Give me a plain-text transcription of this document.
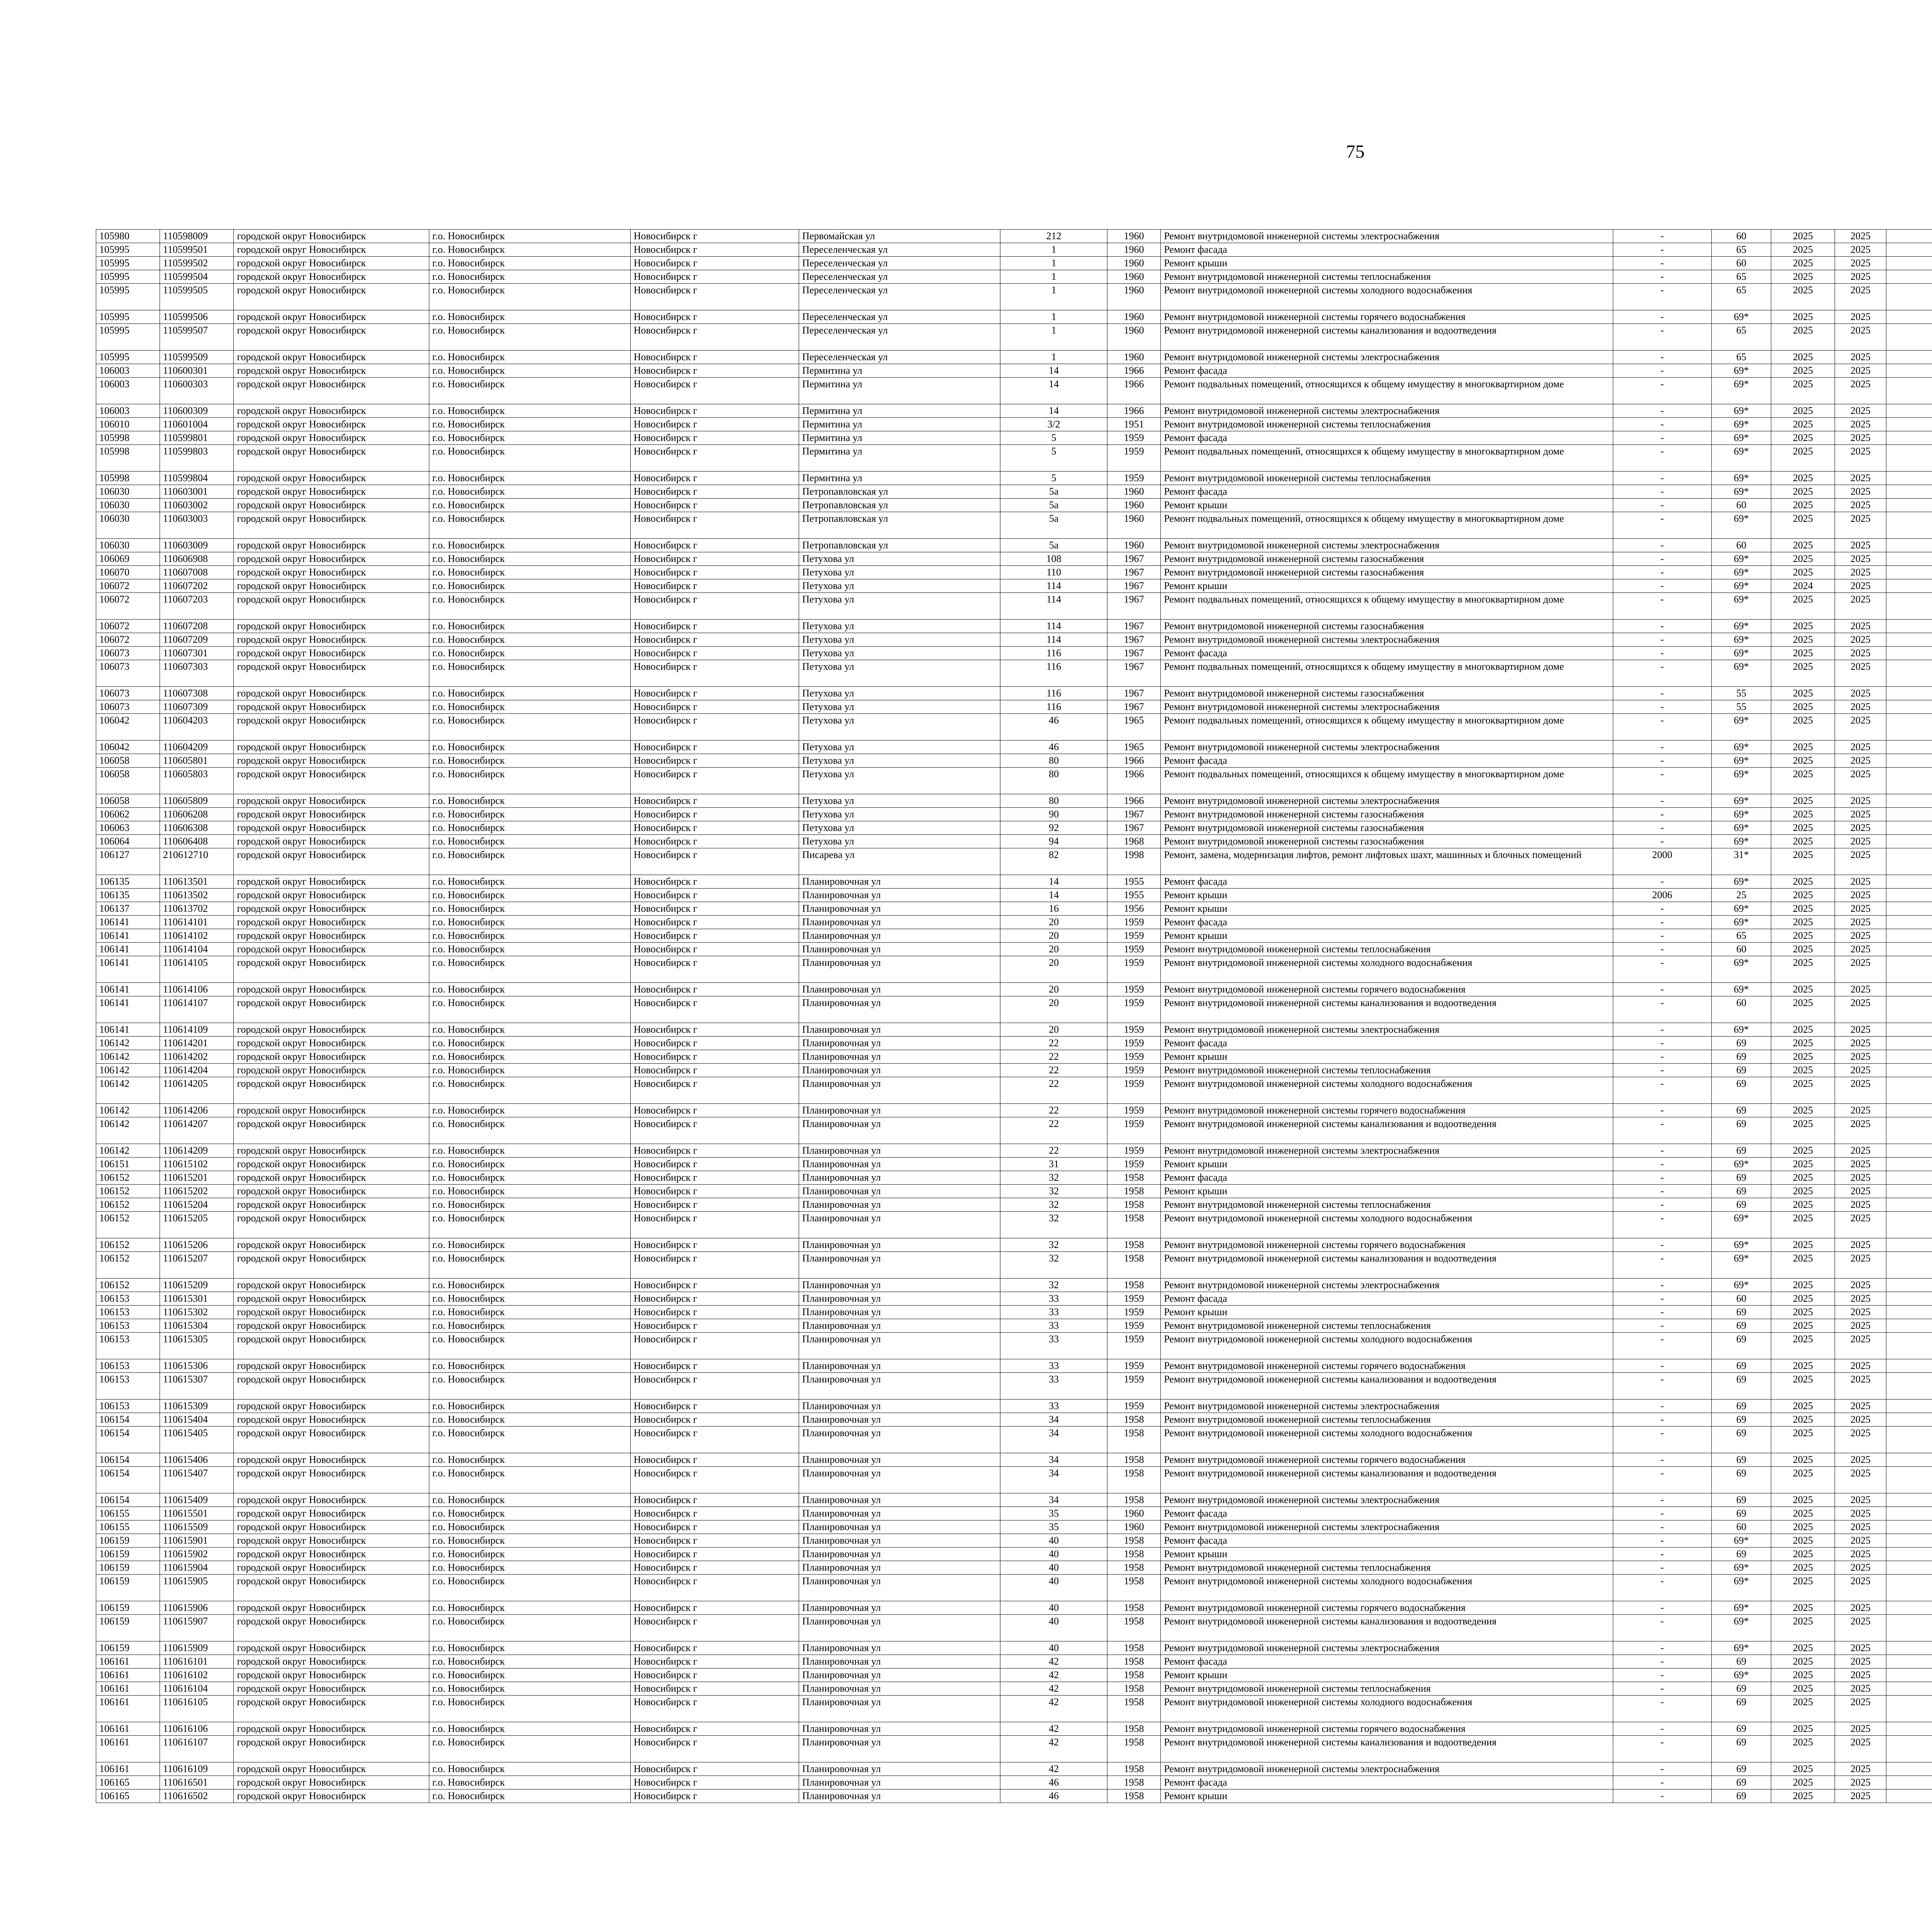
75
105980	110598009	городской округ Новосибирск	г.о. Новосибирск	Новосибирск г	Первомайская ул	212	1960	Ремонт внутридомовой инженерной системы электроснабжения	-	60	2025	2025							
105995	110599501	городской округ Новосибирск	г.о. Новосибирск	Новосибирск г	Переселенческая ул	1	1960	Ремонт фасада	-	65	2025	2025							
105995	110599502	городской округ Новосибирск	г.о. Новосибирск	Новосибирск г	Переселенческая ул	1	1960	Ремонт крыши	-	60	2025	2025							
105995	110599504	городской округ Новосибирск	г.о. Новосибирск	Новосибирск г	Переселенческая ул	1	1960	Ремонт внутридомовой инженерной системы теплоснабжения	-	65	2025	2025							
105995	110599505	городской округ Новосибирск	г.о. Новосибирск	Новосибирск г	Переселенческая ул	1	1960	Ремонт внутридомовой инженерной системы холодного водоснабжения	-	65	2025	2025							
105995	110599506	городской округ Новосибирск	г.о. Новосибирск	Новосибирск г	Переселенческая ул	1	1960	Ремонт внутридомовой инженерной системы горячего водоснабжения	-	69*	2025	2025							
105995	110599507	городской округ Новосибирск	г.о. Новосибирск	Новосибирск г	Переселенческая ул	1	1960	Ремонт внутридомовой инженерной системы канализования и водоотведения	-	65	2025	2025							
105995	110599509	городской округ Новосибирск	г.о. Новосибирск	Новосибирск г	Переселенческая ул	1	1960	Ремонт внутридомовой инженерной системы электроснабжения	-	65	2025	2025							
106003	110600301	городской округ Новосибирск	г.о. Новосибирск	Новосибирск г	Пермитина ул	14	1966	Ремонт фасада	-	69*	2025	2025							
106003	110600303	городской округ Новосибирск	г.о. Новосибирск	Новосибирск г	Пермитина ул	14	1966	Ремонт подвальных помещений, относящихся к общему имуществу в многоквартирном доме	-	69*	2025	2025							
106003	110600309	городской округ Новосибирск	г.о. Новосибирск	Новосибирск г	Пермитина ул	14	1966	Ремонт внутридомовой инженерной системы электроснабжения	-	69*	2025	2025							
106010	110601004	городской округ Новосибирск	г.о. Новосибирск	Новосибирск г	Пермитина ул	3/2	1951	Ремонт внутридомовой инженерной системы теплоснабжения	-	69*	2025	2025							
105998	110599801	городской округ Новосибирск	г.о. Новосибирск	Новосибирск г	Пермитина ул	5	1959	Ремонт фасада	-	69*	2025	2025							
105998	110599803	городской округ Новосибирск	г.о. Новосибирск	Новосибирск г	Пермитина ул	5	1959	Ремонт подвальных помещений, относящихся к общему имуществу в многоквартирном доме	-	69*	2025	2025							
105998	110599804	городской округ Новосибирск	г.о. Новосибирск	Новосибирск г	Пермитина ул	5	1959	Ремонт внутридомовой инженерной системы теплоснабжения	-	69*	2025	2025							
106030	110603001	городской округ Новосибирск	г.о. Новосибирск	Новосибирск г	Петропавловская ул	5а	1960	Ремонт фасада	-	69*	2025	2025							
106030	110603002	городской округ Новосибирск	г.о. Новосибирск	Новосибирск г	Петропавловская ул	5а	1960	Ремонт крыши	-	60	2025	2025							
106030	110603003	городской округ Новосибирск	г.о. Новосибирск	Новосибирск г	Петропавловская ул	5а	1960	Ремонт подвальных помещений, относящихся к общему имуществу в многоквартирном доме	-	69*	2025	2025							
106030	110603009	городской округ Новосибирск	г.о. Новосибирск	Новосибирск г	Петропавловская ул	5а	1960	Ремонт внутридомовой инженерной системы электроснабжения	-	60	2025	2025							
106069	110606908	городской округ Новосибирск	г.о. Новосибирск	Новосибирск г	Петухова ул	108	1967	Ремонт внутридомовой инженерной системы газоснабжения	-	69*	2025	2025							
106070	110607008	городской округ Новосибирск	г.о. Новосибирск	Новосибирск г	Петухова ул	110	1967	Ремонт внутридомовой инженерной системы газоснабжения	-	69*	2025	2025							
106072	110607202	городской округ Новосибирск	г.о. Новосибирск	Новосибирск г	Петухова ул	114	1967	Ремонт крыши	-	69*	2024	2025							
106072	110607203	городской округ Новосибирск	г.о. Новосибирск	Новосибирск г	Петухова ул	114	1967	Ремонт подвальных помещений, относящихся к общему имуществу в многоквартирном доме	-	69*	2025	2025							
106072	110607208	городской округ Новосибирск	г.о. Новосибирск	Новосибирск г	Петухова ул	114	1967	Ремонт внутридомовой инженерной системы газоснабжения	-	69*	2025	2025							
106072	110607209	городской округ Новосибирск	г.о. Новосибирск	Новосибирск г	Петухова ул	114	1967	Ремонт внутридомовой инженерной системы электроснабжения	-	69*	2025	2025							
106073	110607301	городской округ Новосибирск	г.о. Новосибирск	Новосибирск г	Петухова ул	116	1967	Ремонт фасада	-	69*	2025	2025							
106073	110607303	городской округ Новосибирск	г.о. Новосибирск	Новосибирск г	Петухова ул	116	1967	Ремонт подвальных помещений, относящихся к общему имуществу в многоквартирном доме	-	69*	2025	2025							
106073	110607308	городской округ Новосибирск	г.о. Новосибирск	Новосибирск г	Петухова ул	116	1967	Ремонт внутридомовой инженерной системы газоснабжения	-	55	2025	2025							
106073	110607309	городской округ Новосибирск	г.о. Новосибирск	Новосибирск г	Петухова ул	116	1967	Ремонт внутридомовой инженерной системы электроснабжения	-	55	2025	2025							
106042	110604203	городской округ Новосибирск	г.о. Новосибирск	Новосибирск г	Петухова ул	46	1965	Ремонт подвальных помещений, относящихся к общему имуществу в многоквартирном доме	-	69*	2025	2025							
106042	110604209	городской округ Новосибирск	г.о. Новосибирск	Новосибирск г	Петухова ул	46	1965	Ремонт внутридомовой инженерной системы электроснабжения	-	69*	2025	2025							
106058	110605801	городской округ Новосибирск	г.о. Новосибирск	Новосибирск г	Петухова ул	80	1966	Ремонт фасада	-	69*	2025	2025							
106058	110605803	городской округ Новосибирск	г.о. Новосибирск	Новосибирск г	Петухова ул	80	1966	Ремонт подвальных помещений, относящихся к общему имуществу в многоквартирном доме	-	69*	2025	2025							
106058	110605809	городской округ Новосибирск	г.о. Новосибирск	Новосибирск г	Петухова ул	80	1966	Ремонт внутридомовой инженерной системы электроснабжения	-	69*	2025	2025							
106062	110606208	городской округ Новосибирск	г.о. Новосибирск	Новосибирск г	Петухова ул	90	1967	Ремонт внутридомовой инженерной системы газоснабжения	-	69*	2025	2025							
106063	110606308	городской округ Новосибирск	г.о. Новосибирск	Новосибирск г	Петухова ул	92	1967	Ремонт внутридомовой инженерной системы газоснабжения	-	69*	2025	2025							
106064	110606408	городской округ Новосибирск	г.о. Новосибирск	Новосибирск г	Петухова ул	94	1968	Ремонт внутридомовой инженерной системы газоснабжения	-	69*	2025	2025							
106127	210612710	городской округ Новосибирск	г.о. Новосибирск	Новосибирск г	Писарева ул	82	1998	Ремонт, замена, модернизация лифтов, ремонт лифтовых шахт, машинных и блочных помещений	2000	31*	2025	2025							
106135	110613501	городской округ Новосибирск	г.о. Новосибирск	Новосибирск г	Планировочная ул	14	1955	Ремонт фасада	-	69*	2025	2025							
106135	110613502	городской округ Новосибирск	г.о. Новосибирск	Новосибирск г	Планировочная ул	14	1955	Ремонт крыши	2006	25	2025	2025							
106137	110613702	городской округ Новосибирск	г.о. Новосибирск	Новосибирск г	Планировочная ул	16	1956	Ремонт крыши	-	69*	2025	2025							
106141	110614101	городской округ Новосибирск	г.о. Новосибирск	Новосибирск г	Планировочная ул	20	1959	Ремонт фасада	-	69*	2025	2025							
106141	110614102	городской округ Новосибирск	г.о. Новосибирск	Новосибирск г	Планировочная ул	20	1959	Ремонт крыши	-	65	2025	2025							
106141	110614104	городской округ Новосибирск	г.о. Новосибирск	Новосибирск г	Планировочная ул	20	1959	Ремонт внутридомовой инженерной системы теплоснабжения	-	60	2025	2025							
106141	110614105	городской округ Новосибирск	г.о. Новосибирск	Новосибирск г	Планировочная ул	20	1959	Ремонт внутридомовой инженерной системы холодного водоснабжения	-	69*	2025	2025							
106141	110614106	городской округ Новосибирск	г.о. Новосибирск	Новосибирск г	Планировочная ул	20	1959	Ремонт внутридомовой инженерной системы горячего водоснабжения	-	69*	2025	2025							
106141	110614107	городской округ Новосибирск	г.о. Новосибирск	Новосибирск г	Планировочная ул	20	1959	Ремонт внутридомовой инженерной системы канализования и водоотведения	-	60	2025	2025							
106141	110614109	городской округ Новосибирск	г.о. Новосибирск	Новосибирск г	Планировочная ул	20	1959	Ремонт внутридомовой инженерной системы электроснабжения	-	69*	2025	2025							
106142	110614201	городской округ Новосибирск	г.о. Новосибирск	Новосибирск г	Планировочная ул	22	1959	Ремонт фасада	-	69	2025	2025							
106142	110614202	городской округ Новосибирск	г.о. Новосибирск	Новосибирск г	Планировочная ул	22	1959	Ремонт крыши	-	69	2025	2025							
106142	110614204	городской округ Новосибирск	г.о. Новосибирск	Новосибирск г	Планировочная ул	22	1959	Ремонт внутридомовой инженерной системы теплоснабжения	-	69	2025	2025							
106142	110614205	городской округ Новосибирск	г.о. Новосибирск	Новосибирск г	Планировочная ул	22	1959	Ремонт внутридомовой инженерной системы холодного водоснабжения	-	69	2025	2025							
106142	110614206	городской округ Новосибирск	г.о. Новосибирск	Новосибирск г	Планировочная ул	22	1959	Ремонт внутридомовой инженерной системы горячего водоснабжения	-	69	2025	2025							
106142	110614207	городской округ Новосибирск	г.о. Новосибирск	Новосибирск г	Планировочная ул	22	1959	Ремонт внутридомовой инженерной системы канализования и водоотведения	-	69	2025	2025							
106142	110614209	городской округ Новосибирск	г.о. Новосибирск	Новосибирск г	Планировочная ул	22	1959	Ремонт внутридомовой инженерной системы электроснабжения	-	69	2025	2025							
106151	110615102	городской округ Новосибирск	г.о. Новосибирск	Новосибирск г	Планировочная ул	31	1959	Ремонт крыши	-	69*	2025	2025							
106152	110615201	городской округ Новосибирск	г.о. Новосибирск	Новосибирск г	Планировочная ул	32	1958	Ремонт фасада	-	69	2025	2025							
106152	110615202	городской округ Новосибирск	г.о. Новосибирск	Новосибирск г	Планировочная ул	32	1958	Ремонт крыши	-	69	2025	2025							
106152	110615204	городской округ Новосибирск	г.о. Новосибирск	Новосибирск г	Планировочная ул	32	1958	Ремонт внутридомовой инженерной системы теплоснабжения	-	69	2025	2025							
106152	110615205	городской округ Новосибирск	г.о. Новосибирск	Новосибирск г	Планировочная ул	32	1958	Ремонт внутридомовой инженерной системы холодного водоснабжения	-	69*	2025	2025							
106152	110615206	городской округ Новосибирск	г.о. Новосибирск	Новосибирск г	Планировочная ул	32	1958	Ремонт внутридомовой инженерной системы горячего водоснабжения	-	69*	2025	2025							
106152	110615207	городской округ Новосибирск	г.о. Новосибирск	Новосибирск г	Планировочная ул	32	1958	Ремонт внутридомовой инженерной системы канализования и водоотведения	-	69*	2025	2025							
106152	110615209	городской округ Новосибирск	г.о. Новосибирск	Новосибирск г	Планировочная ул	32	1958	Ремонт внутридомовой инженерной системы электроснабжения	-	69*	2025	2025							
106153	110615301	городской округ Новосибирск	г.о. Новосибирск	Новосибирск г	Планировочная ул	33	1959	Ремонт фасада	-	60	2025	2025							
106153	110615302	городской округ Новосибирск	г.о. Новосибирск	Новосибирск г	Планировочная ул	33	1959	Ремонт крыши	-	69	2025	2025							
106153	110615304	городской округ Новосибирск	г.о. Новосибирск	Новосибирск г	Планировочная ул	33	1959	Ремонт внутридомовой инженерной системы теплоснабжения	-	69	2025	2025							
106153	110615305	городской округ Новосибирск	г.о. Новосибирск	Новосибирск г	Планировочная ул	33	1959	Ремонт внутридомовой инженерной системы холодного водоснабжения	-	69	2025	2025							
106153	110615306	городской округ Новосибирск	г.о. Новосибирск	Новосибирск г	Планировочная ул	33	1959	Ремонт внутридомовой инженерной системы горячего водоснабжения	-	69	2025	2025							
106153	110615307	городской округ Новосибирск	г.о. Новосибирск	Новосибирск г	Планировочная ул	33	1959	Ремонт внутридомовой инженерной системы канализования и водоотведения	-	69	2025	2025							
106153	110615309	городской округ Новосибирск	г.о. Новосибирск	Новосибирск г	Планировочная ул	33	1959	Ремонт внутридомовой инженерной системы электроснабжения	-	69	2025	2025							
106154	110615404	городской округ Новосибирск	г.о. Новосибирск	Новосибирск г	Планировочная ул	34	1958	Ремонт внутридомовой инженерной системы теплоснабжения	-	69	2025	2025							
106154	110615405	городской округ Новосибирск	г.о. Новосибирск	Новосибирск г	Планировочная ул	34	1958	Ремонт внутридомовой инженерной системы холодного водоснабжения	-	69	2025	2025							
106154	110615406	городской округ Новосибирск	г.о. Новосибирск	Новосибирск г	Планировочная ул	34	1958	Ремонт внутридомовой инженерной системы горячего водоснабжения	-	69	2025	2025							
106154	110615407	городской округ Новосибирск	г.о. Новосибирск	Новосибирск г	Планировочная ул	34	1958	Ремонт внутридомовой инженерной системы канализования и водоотведения	-	69	2025	2025							
106154	110615409	городской округ Новосибирск	г.о. Новосибирск	Новосибирск г	Планировочная ул	34	1958	Ремонт внутридомовой инженерной системы электроснабжения	-	69	2025	2025							
106155	110615501	городской округ Новосибирск	г.о. Новосибирск	Новосибирск г	Планировочная ул	35	1960	Ремонт фасада	-	69	2025	2025							
106155	110615509	городской округ Новосибирск	г.о. Новосибирск	Новосибирск г	Планировочная ул	35	1960	Ремонт внутридомовой инженерной системы электроснабжения	-	60	2025	2025							
106159	110615901	городской округ Новосибирск	г.о. Новосибирск	Новосибирск г	Планировочная ул	40	1958	Ремонт фасада	-	69*	2025	2025							
106159	110615902	городской округ Новосибирск	г.о. Новосибирск	Новосибирск г	Планировочная ул	40	1958	Ремонт крыши	-	69	2025	2025							
106159	110615904	городской округ Новосибирск	г.о. Новосибирск	Новосибирск г	Планировочная ул	40	1958	Ремонт внутридомовой инженерной системы теплоснабжения	-	69*	2025	2025							
106159	110615905	городской округ Новосибирск	г.о. Новосибирск	Новосибирск г	Планировочная ул	40	1958	Ремонт внутридомовой инженерной системы холодного водоснабжения	-	69*	2025	2025							
106159	110615906	городской округ Новосибирск	г.о. Новосибирск	Новосибирск г	Планировочная ул	40	1958	Ремонт внутридомовой инженерной системы горячего водоснабжения	-	69*	2025	2025							
106159	110615907	городской округ Новосибирск	г.о. Новосибирск	Новосибирск г	Планировочная ул	40	1958	Ремонт внутридомовой инженерной системы канализования и водоотведения	-	69*	2025	2025							
106159	110615909	городской округ Новосибирск	г.о. Новосибирск	Новосибирск г	Планировочная ул	40	1958	Ремонт внутридомовой инженерной системы электроснабжения	-	69*	2025	2025							
106161	110616101	городской округ Новосибирск	г.о. Новосибирск	Новосибирск г	Планировочная ул	42	1958	Ремонт фасада	-	69	2025	2025							
106161	110616102	городской округ Новосибирск	г.о. Новосибирск	Новосибирск г	Планировочная ул	42	1958	Ремонт крыши	-	69*	2025	2025							
106161	110616104	городской округ Новосибирск	г.о. Новосибирск	Новосибирск г	Планировочная ул	42	1958	Ремонт внутридомовой инженерной системы теплоснабжения	-	69	2025	2025							
106161	110616105	городской округ Новосибирск	г.о. Новосибирск	Новосибирск г	Планировочная ул	42	1958	Ремонт внутридомовой инженерной системы холодного водоснабжения	-	69	2025	2025							
106161	110616106	городской округ Новосибирск	г.о. Новосибирск	Новосибирск г	Планировочная ул	42	1958	Ремонт внутридомовой инженерной системы горячего водоснабжения	-	69	2025	2025							
106161	110616107	городской округ Новосибирск	г.о. Новосибирск	Новосибирск г	Планировочная ул	42	1958	Ремонт внутридомовой инженерной системы канализования и водоотведения	-	69	2025	2025							
106161	110616109	городской округ Новосибирск	г.о. Новосибирск	Новосибирск г	Планировочная ул	42	1958	Ремонт внутридомовой инженерной системы электроснабжения	-	69	2025	2025							
106165	110616501	городской округ Новосибирск	г.о. Новосибирск	Новосибирск г	Планировочная ул	46	1958	Ремонт фасада	-	69	2025	2025							
106165	110616502	городской округ Новосибирск	г.о. Новосибирск	Новосибирск г	Планировочная ул	46	1958	Ремонт крыши	-	69	2025	2025							
